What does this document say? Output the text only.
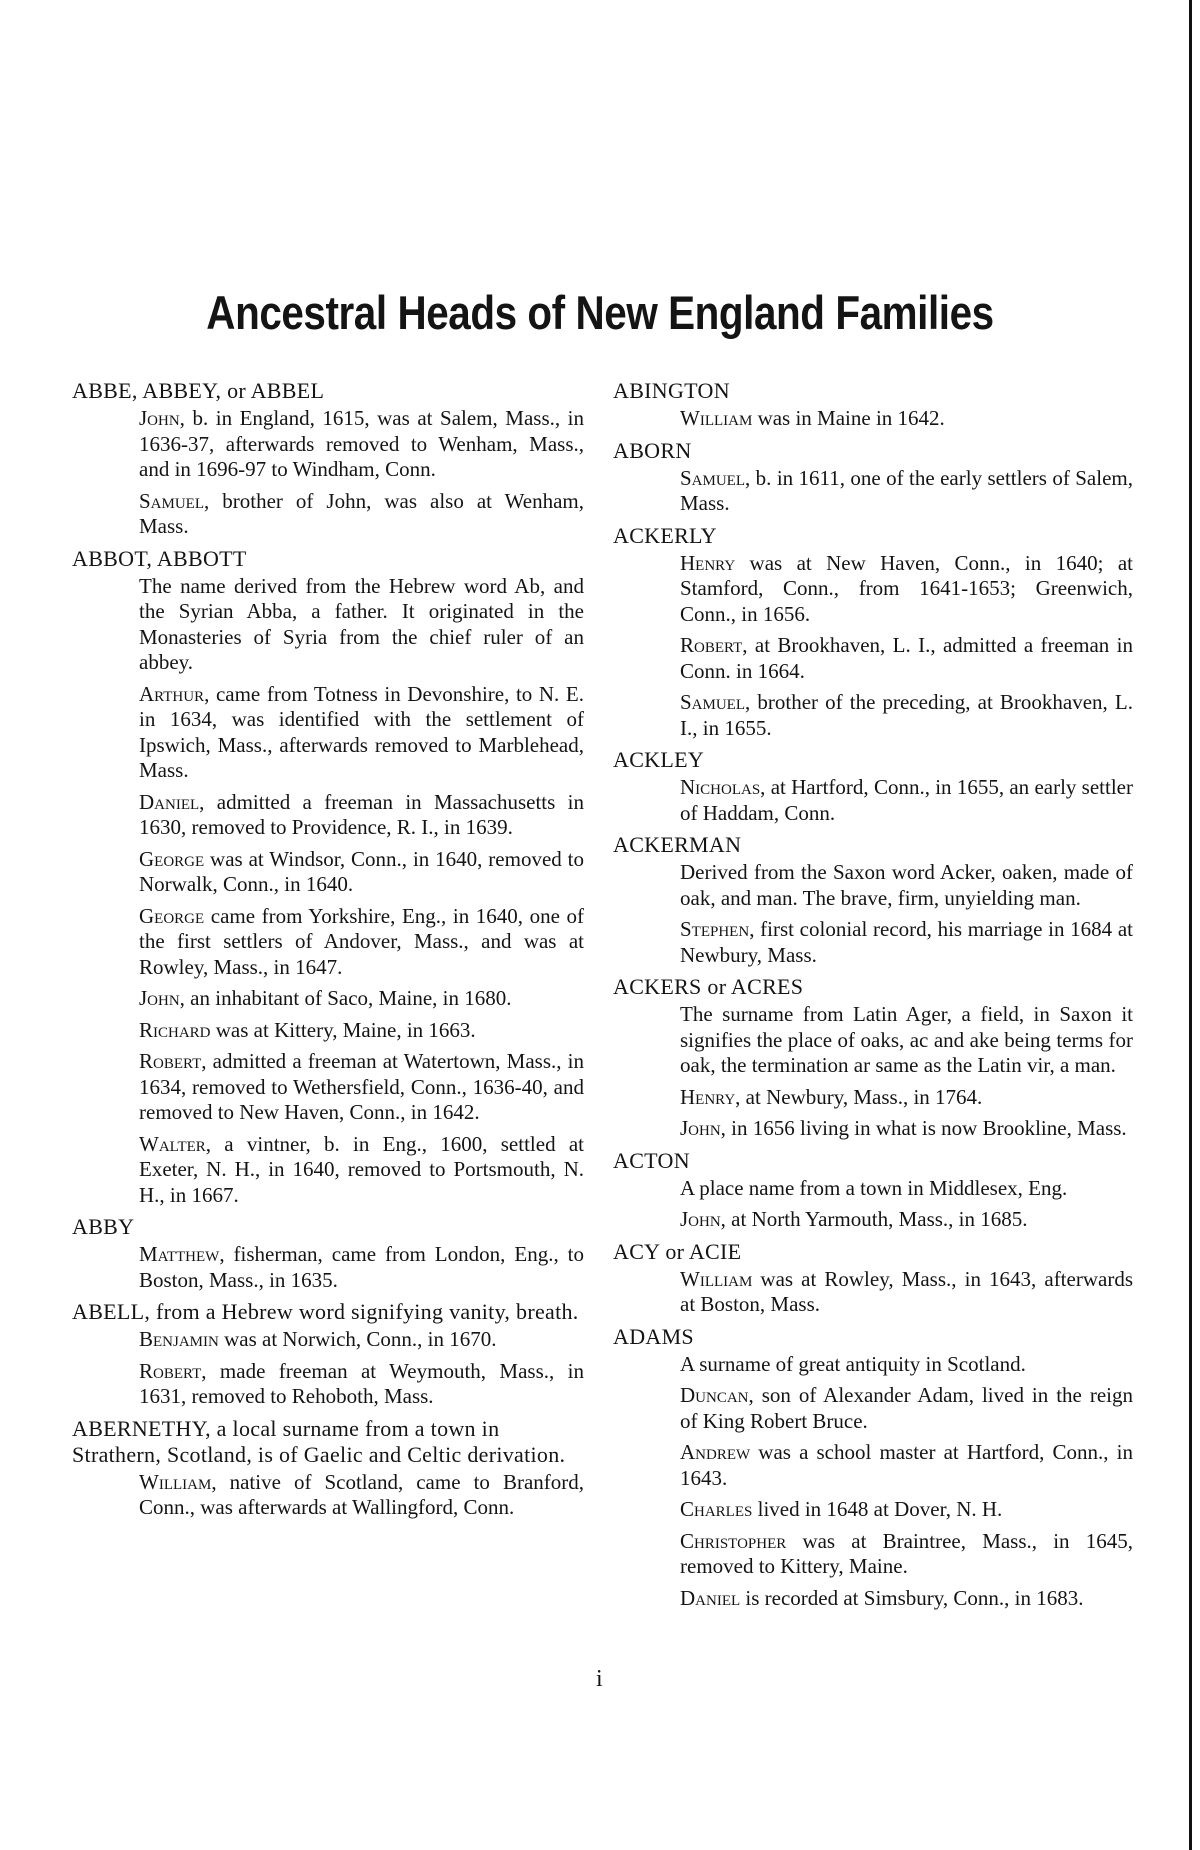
Ancestral Heads of New England Families
ABBE, ABBEY, or ABBEL
John, b. in England, 1615, was at Salem, Mass., in 1636-37, afterwards removed to Wenham, Mass., and in 1696-97 to Windham, Conn.
Samuel, brother of John, was also at Wenham, Mass.
ABBOT, ABBOTT
The name derived from the Hebrew word Ab, and the Syrian Abba, a father. It originated in the Monasteries of Syria from the chief ruler of an abbey.
Arthur, came from Totness in Devonshire, to N. E. in 1634, was identified with the settlement of Ipswich, Mass., afterwards removed to Marblehead, Mass.
Daniel, admitted a freeman in Massachusetts in 1630, removed to Providence, R. I., in 1639.
George was at Windsor, Conn., in 1640, removed to Norwalk, Conn., in 1640.
George came from Yorkshire, Eng., in 1640, one of the first settlers of Andover, Mass., and was at Rowley, Mass., in 1647.
John, an inhabitant of Saco, Maine, in 1680.
Richard was at Kittery, Maine, in 1663.
Robert, admitted a freeman at Watertown, Mass., in 1634, removed to Wethersfield, Conn., 1636-40, and removed to New Haven, Conn., in 1642.
Walter, a vintner, b. in Eng., 1600, settled at Exeter, N. H., in 1640, removed to Portsmouth, N. H., in 1667.
ABBY
Matthew, fisherman, came from London, Eng., to Boston, Mass., in 1635.
ABELL, from a Hebrew word signifying vanity, breath.
Benjamin was at Norwich, Conn., in 1670.
Robert, made freeman at Weymouth, Mass., in 1631, removed to Rehoboth, Mass.
ABERNETHY, a local surname from a town in Strathern, Scotland, is of Gaelic and Celtic derivation.
William, native of Scotland, came to Branford, Conn., was afterwards at Wallingford, Conn.
ABINGTON
William was in Maine in 1642.
ABORN
Samuel, b. in 1611, one of the early settlers of Salem, Mass.
ACKERLY
Henry was at New Haven, Conn., in 1640; at Stamford, Conn., from 1641-1653; Greenwich, Conn., in 1656.
Robert, at Brookhaven, L. I., admitted a freeman in Conn. in 1664.
Samuel, brother of the preceding, at Brookhaven, L. I., in 1655.
ACKLEY
Nicholas, at Hartford, Conn., in 1655, an early settler of Haddam, Conn.
ACKERMAN
Derived from the Saxon word Acker, oaken, made of oak, and man. The brave, firm, unyielding man.
Stephen, first colonial record, his marriage in 1684 at Newbury, Mass.
ACKERS or ACRES
The surname from Latin Ager, a field, in Saxon it signifies the place of oaks, ac and ake being terms for oak, the termination ar same as the Latin vir, a man.
Henry, at Newbury, Mass., in 1764.
John, in 1656 living in what is now Brookline, Mass.
ACTON
A place name from a town in Middlesex, Eng.
John, at North Yarmouth, Mass., in 1685.
ACY or ACIE
William was at Rowley, Mass., in 1643, afterwards at Boston, Mass.
ADAMS
A surname of great antiquity in Scotland.
Duncan, son of Alexander Adam, lived in the reign of King Robert Bruce.
Andrew was a school master at Hartford, Conn., in 1643.
Charles lived in 1648 at Dover, N. H.
Christopher was at Braintree, Mass., in 1645, removed to Kittery, Maine.
Daniel is recorded at Simsbury, Conn., in 1683.
i
